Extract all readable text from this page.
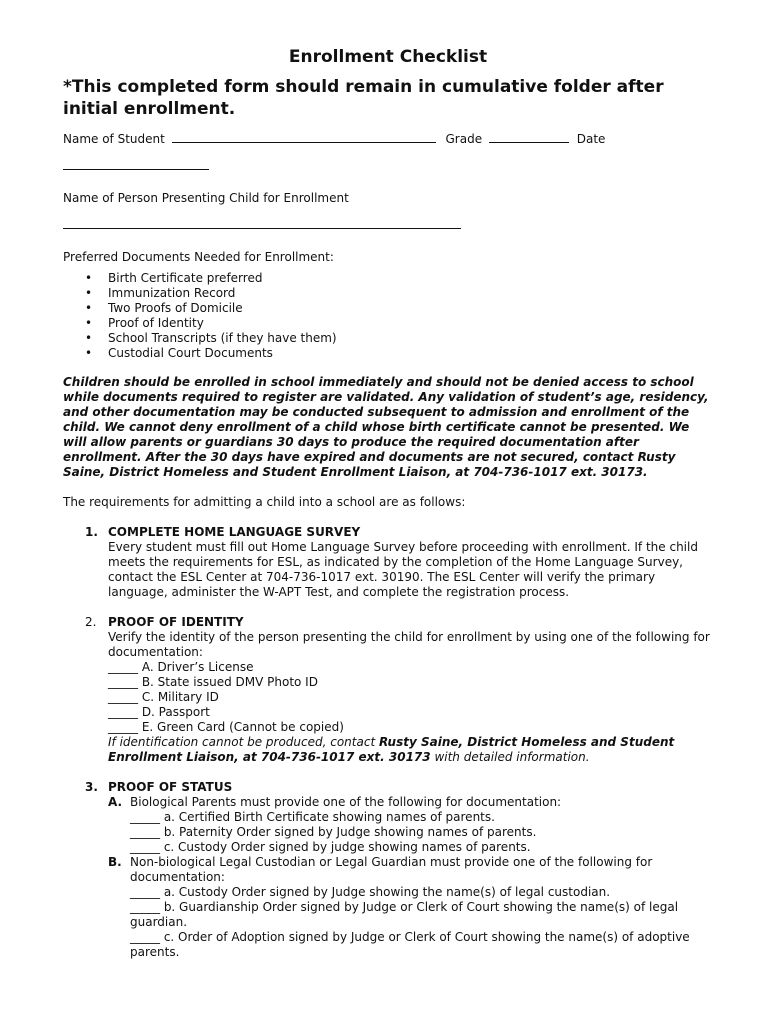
Enrollment Checklist

*This completed form should remain in cumulative folder after initial enrollment.

Name of Student	Grade	Date

Name of Person Presenting Child for Enrollment

Preferred Documents Needed for Enrollment:

• Birth Certificate preferred
• Immunization Record
• Two Proofs of Domicile
• Proof of Identity
• School Transcripts (if they have them)
• Custodial Court Documents

Children should be enrolled in school immediately and should not be denied access to school while documents required to register are validated. Any validation of student’s age, residency, and other documentation may be conducted subsequent to admission and enrollment of the child. We cannot deny enrollment of a child whose birth certificate cannot be presented. We will allow parents or guardians 30 days to produce the required documentation after enrollment. After the 30 days have expired and documents are not secured, contact Rusty Saine, District Homeless and Student Enrollment Liaison, at 704-736-1017 ext. 30173.

The requirements for admitting a child into a school are as follows:

1. COMPLETE HOME LANGUAGE SURVEY
Every student must fill out Home Language Survey before proceeding with enrollment. If the child meets the requirements for ESL, as indicated by the completion of the Home Language Survey, contact the ESL Center at 704-736-1017 ext. 30190. The ESL Center will verify the primary language, administer the W-APT Test, and complete the registration process.
2. PROOF OF IDENTITY
Verify the identity of the person presenting the child for enrollment by using one of the following for documentation:
_____ A. Driver’s License
_____ B. State issued DMV Photo ID
_____ C. Military ID
_____ D. Passport
_____ E. Green Card (Cannot be copied)
If identification cannot be produced, contact Rusty Saine, District Homeless and Student Enrollment Liaison, at 704-736-1017 ext. 30173 with detailed information.
3. PROOF OF STATUS
A. Biological Parents must provide one of the following for documentation:
_____ a. Certified Birth Certificate showing names of parents.
_____ b. Paternity Order signed by Judge showing names of parents.
_____ c. Custody Order signed by judge showing names of parents.
B. Non-biological Legal Custodian or Legal Guardian must provide one of the following for documentation:
_____ a. Custody Order signed by Judge showing the name(s) of legal custodian.
_____ b. Guardianship Order signed by Judge or Clerk of Court showing the name(s) of legal guardian.
_____ c. Order of Adoption signed by Judge or Clerk of Court showing the name(s) of adoptive parents.
